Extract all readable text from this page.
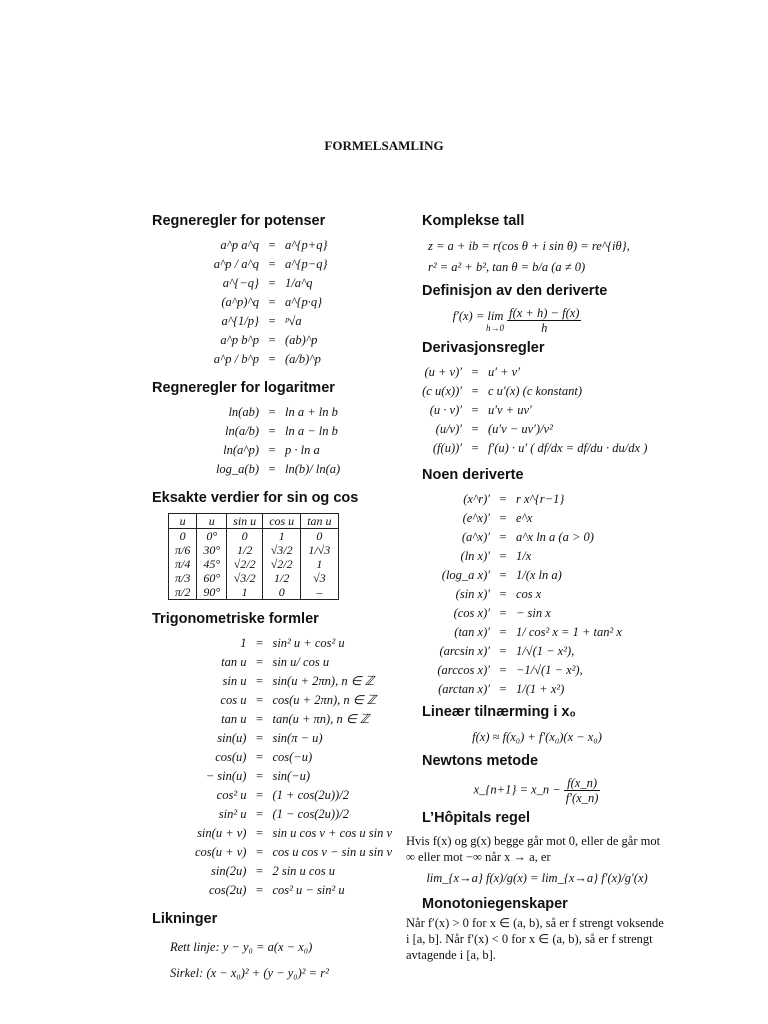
FORMELSAMLING
Regneregler for potenser
a^p a^q = a^{p+q}
a^p / a^q = a^{p−q}
a^{−q} = 1/a^q
(a^p)^q = a^{p·q}
a^{1/p} = ᵖ√a
a^p b^p = (ab)^p
a^p / b^p = (a/b)^p
Regneregler for logaritmer
ln(ab) = ln a + ln b
ln(a/b) = ln a − ln b
ln(a^p) = p · ln a
log_a(b) = ln(b)/ ln(a)
Eksakte verdier for sin og cos
u	u	sin u	cos u	tan u
0	0°	0	1	0
π/6	30°	1/2	√3/2	1/√3
π/4	45°	√2/2	√2/2	1
π/3	60°	√3/2	1/2	√3
π/2	90°	1	0	–
Trigonometriske formler
1 = sin² u + cos² u
tan u = sin u/ cos u
sin u = sin(u + 2πn), n ∈ ℤ
cos u = cos(u + 2πn), n ∈ ℤ
tan u = tan(u + πn), n ∈ ℤ
sin(u) = sin(π − u)
cos(u) = cos(−u)
− sin(u) = sin(−u)
cos² u = (1 + cos(2u))/2
sin² u = (1 − cos(2u))/2
sin(u + v) = sin u cos v + cos u sin v
cos(u + v) = cos u cos v − sin u sin v
sin(2u) = 2 sin u cos u
cos(2u) = cos² u − sin² u
Likninger
Rett linje: y − y₀ = a(x − x₀)
Sirkel: (x − x₀)² + (y − y₀)² = r²
Komplekse tall
z = a + ib = r(cos θ + i sin θ) = re^{iθ},
r² = a² + b², tan θ = b/a (a ≠ 0)
Definisjon av den deriverte
f′(x) = lim
h→0
$\frac{f(x + h) - f(x)}{h}$
Derivasjonsregler
(u + v)′ = u′ + v′
(c u(x))′ = c u′(x) (c konstant)
(u · v)′ = u′v + uv′
(u/v)′ = (u′v − uv′)/v²
(f(u))′ = f′(u) · u′ ( df/dx = df/du · du/dx )
Noen deriverte
(x^r)′ = r x^{r−1}
(e^x)′ = e^x
(a^x)′ = a^x ln a (a > 0)
(ln x)′ = 1/x
(log_a x)′ = 1/(x ln a)
(sin x)′ = cos x
(cos x)′ = − sin x
(tan x)′ = 1/ cos² x = 1 + tan² x
(arcsin x)′ = 1/√(1 − x²),
(arccos x)′ = −1/√(1 − x²),
(arctan x)′ = 1/(1 + x²)
Lineær tilnærming i x₀
f(x) ≈ f(x₀) + f′(x₀)(x − x₀)
Newtons metode
x_{n+1} = x_n − $\frac{f(x\_n)}{f'(x\_n)}$
L’Hôpitals regel
Hvis f(x) og g(x) begge går mot 0, eller de går mot ∞ eller mot −∞ når x → a, er
lim_{x→a} f(x)/g(x) = lim_{x→a} f′(x)/g′(x)
Monotoniegenskaper
Når f′(x) > 0 for x ∈ (a, b), så er f strengt voksende i [a, b]. Når f′(x) < 0 for x ∈ (a, b), så er f strengt avtagende i [a, b].
